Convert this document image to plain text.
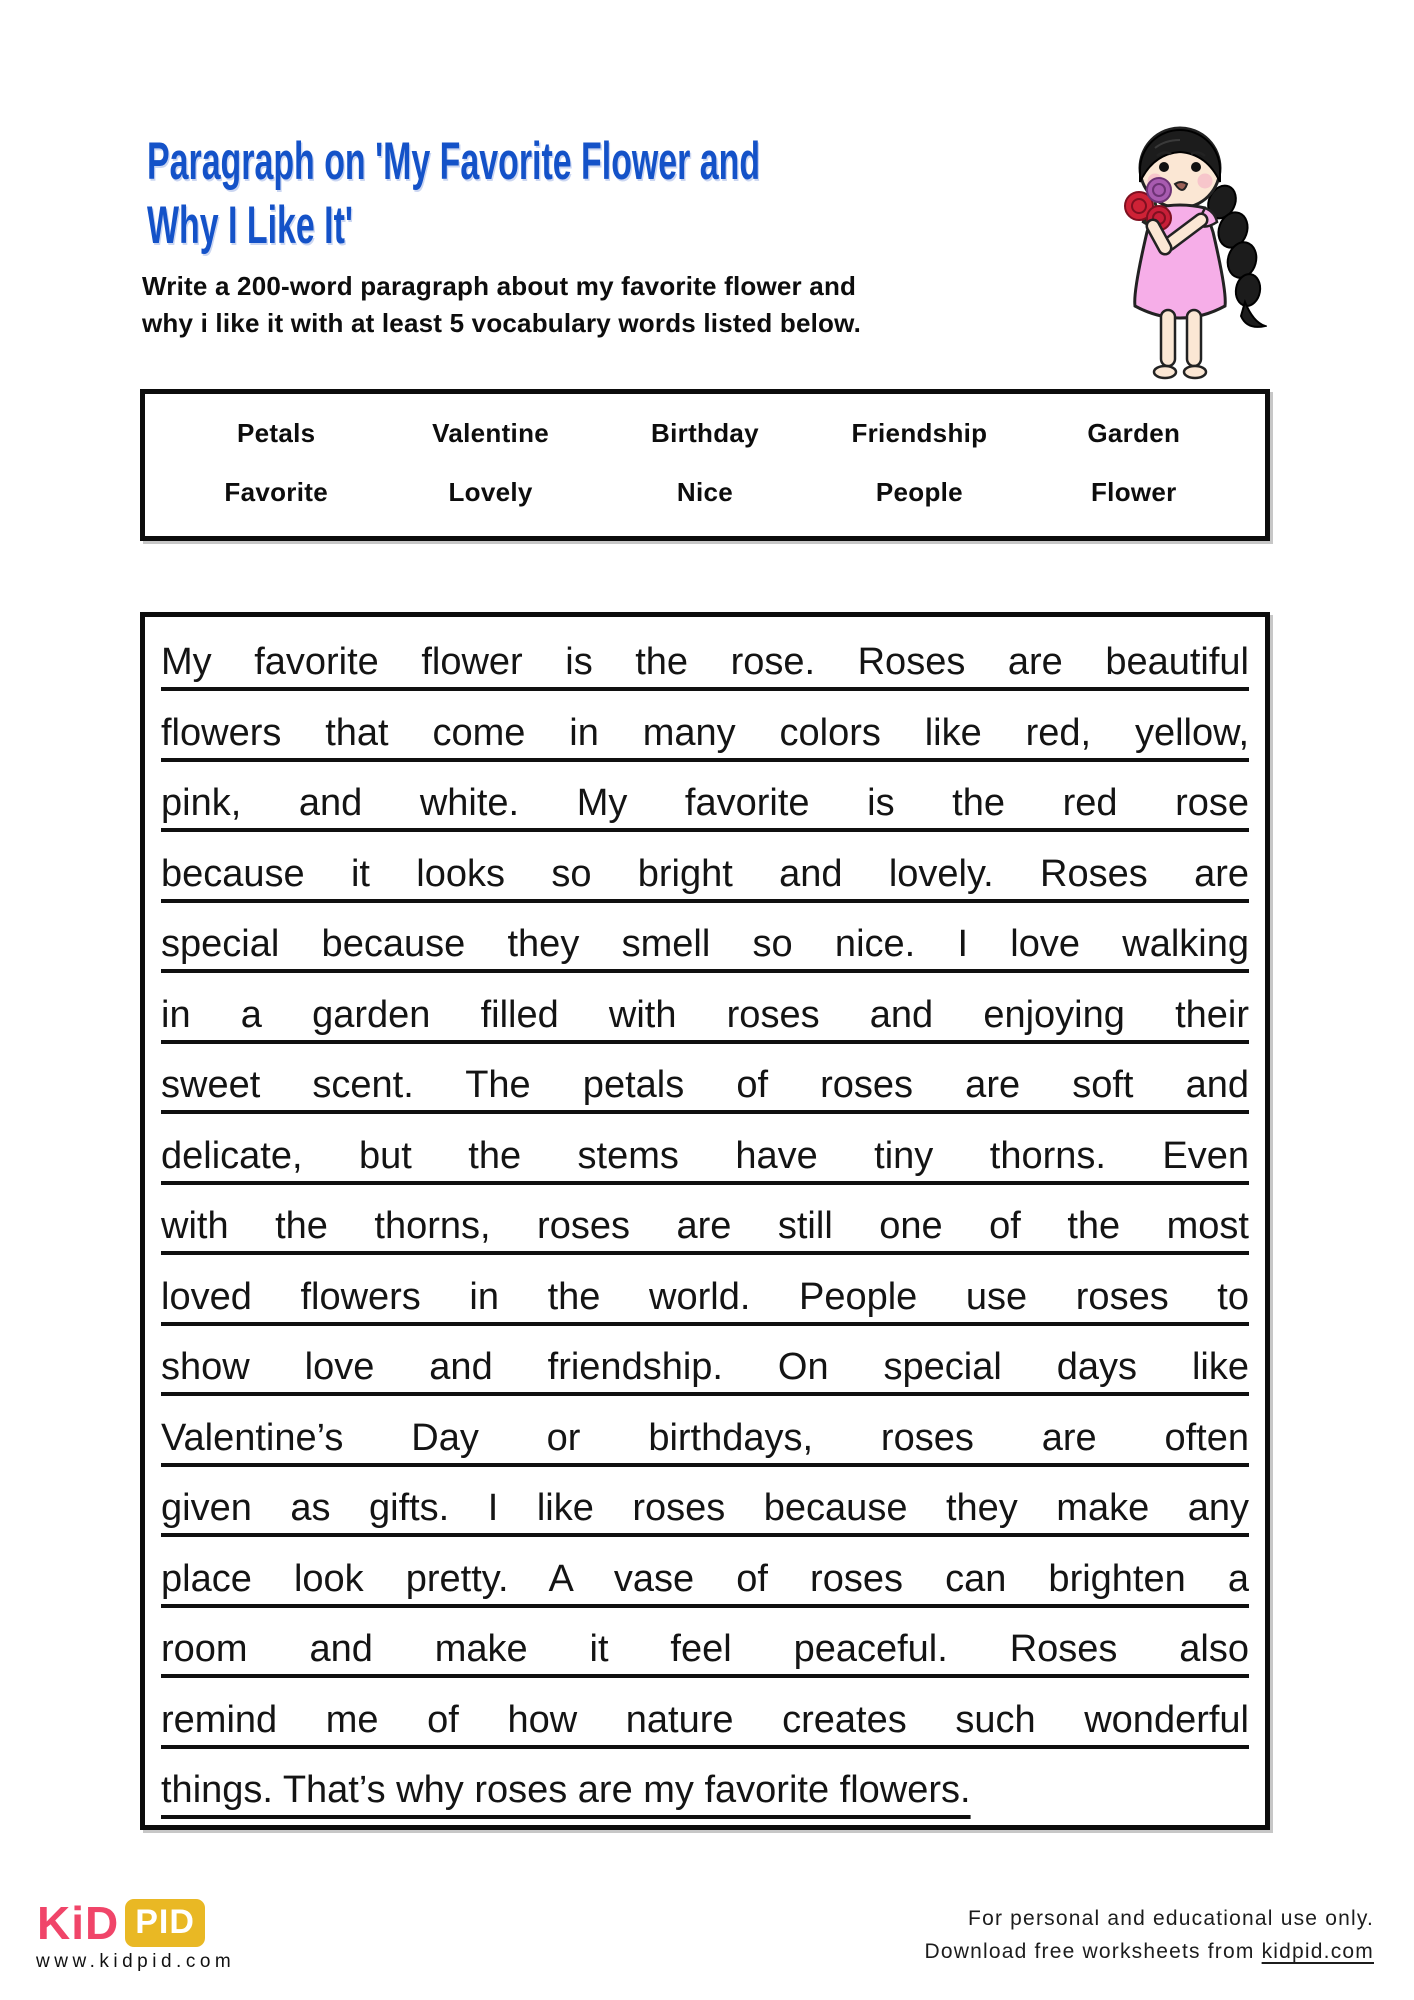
Paragraph on 'My Favorite Flower and
Why I Like It'

Write a 200-word paragraph about my favorite flower and
why i like it with at least 5 vocabulary words listed below.

Petals	Valentine	Birthday	Friendship	Garden
Favorite	Lovely	Nice	People	Flower
My favorite flower is the rose. Roses are beautiful
flowers that come in many colors like red, yellow,
pink, and white. My favorite is the red rose
because it looks so bright and lovely. Roses are
special because they smell so nice. I love walking
in a garden filled with roses and enjoying their
sweet scent. The petals of roses are soft and
delicate, but the stems have tiny thorns. Even
with the thorns, roses are still one of the most
loved flowers in the world. People use roses to
show love and friendship. On special days like
Valentine’s Day or birthdays, roses are often
given as gifts. I like roses because they make any
place look pretty. A vase of roses can brighten a
room and make it feel peaceful. Roses also
remind me of how nature creates such wonderful
things. That’s why roses are my favorite flowers.
KiD PID
www.kidpid.com
For personal and educational use only.
Download free worksheets from kidpid.com
